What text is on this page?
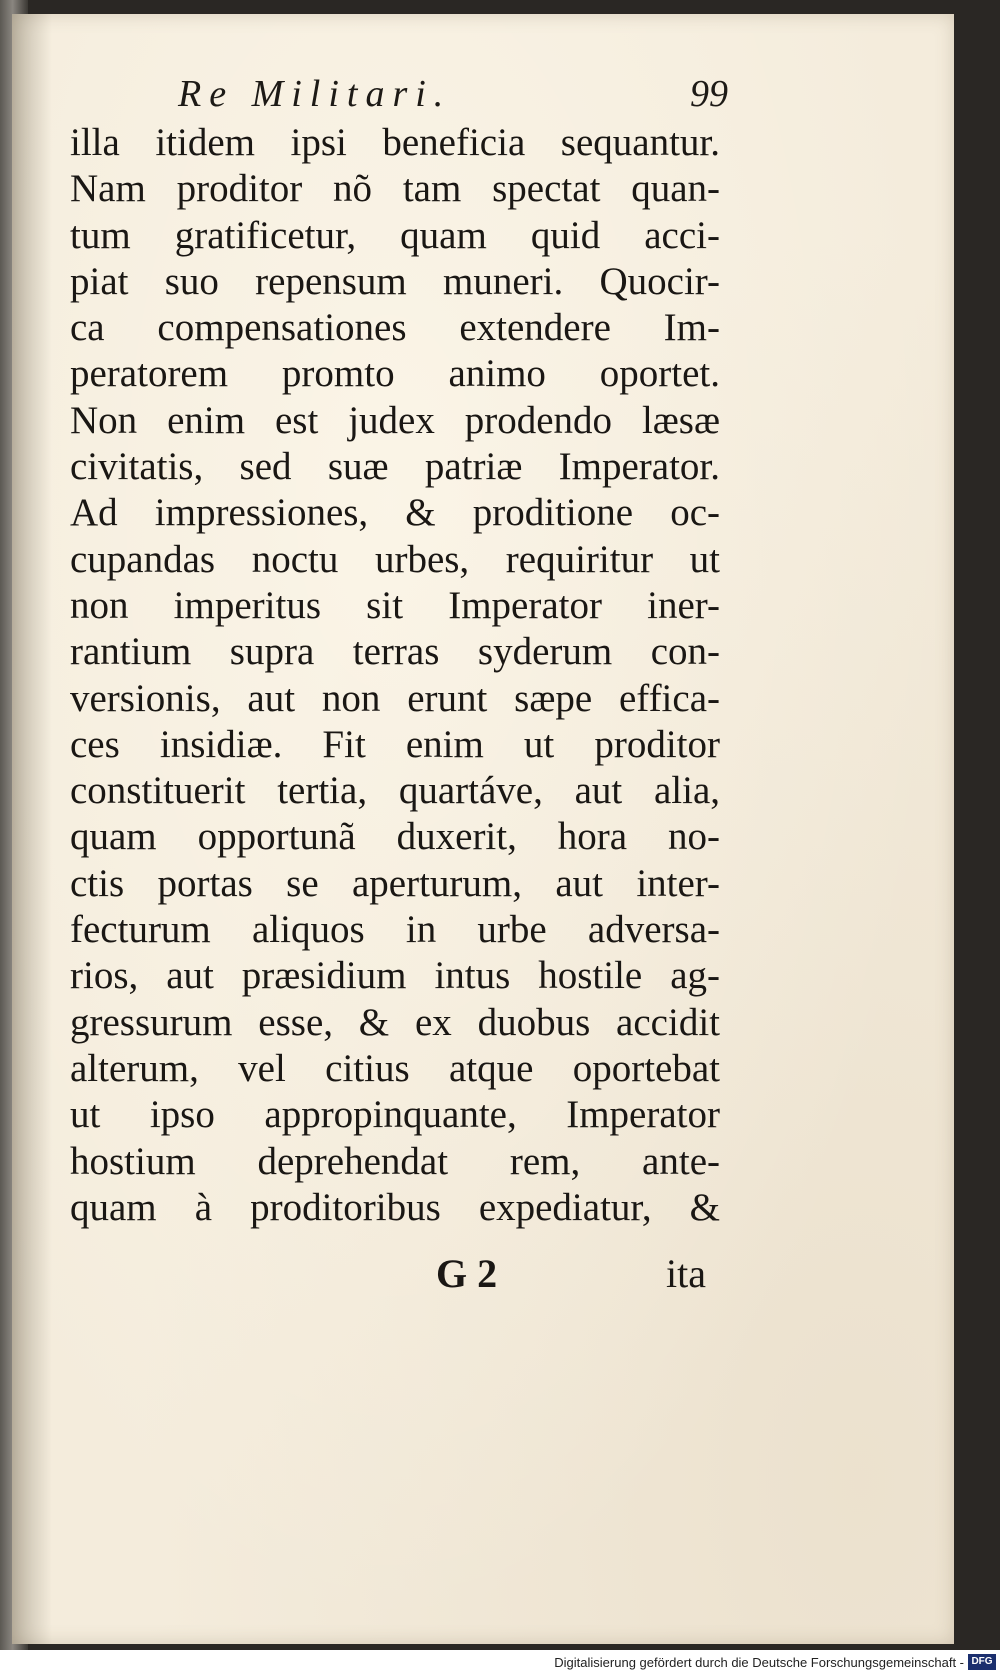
Re Militari.	99
illa itidem ipsi beneficia sequantur.
Nam proditor nõ tam spectat quan-
tum gratificetur, quam quid acci-
piat suo repensum muneri. Quocir-
ca compensationes extendere Im-
peratorem promto animo oportet.
Non enim est judex prodendo læsæ
civitatis, sed suæ patriæ Imperator.
Ad impressiones, & proditione oc-
cupandas noctu urbes, requiritur ut
non imperitus sit Imperator iner-
rantium supra terras syderum con-
versionis, aut non erunt sæpe effica-
ces insidiæ. Fit enim ut proditor
constituerit tertia, quartáve, aut alia,
quam opportunã duxerit, hora no-
ctis portas se aperturum, aut inter-
fecturum aliquos in urbe adversa-
rios, aut præsidium intus hostile ag-
gressurum esse, & ex duobus accidit
alterum, vel citius atque oportebat
ut ipso appropinquante, Imperator
hostium deprehendat rem, ante-
quam à proditoribus expediatur, &
G 2	ita
Digitalisierung gefördert durch die Deutsche Forschungsgemeinschaft - DFG
